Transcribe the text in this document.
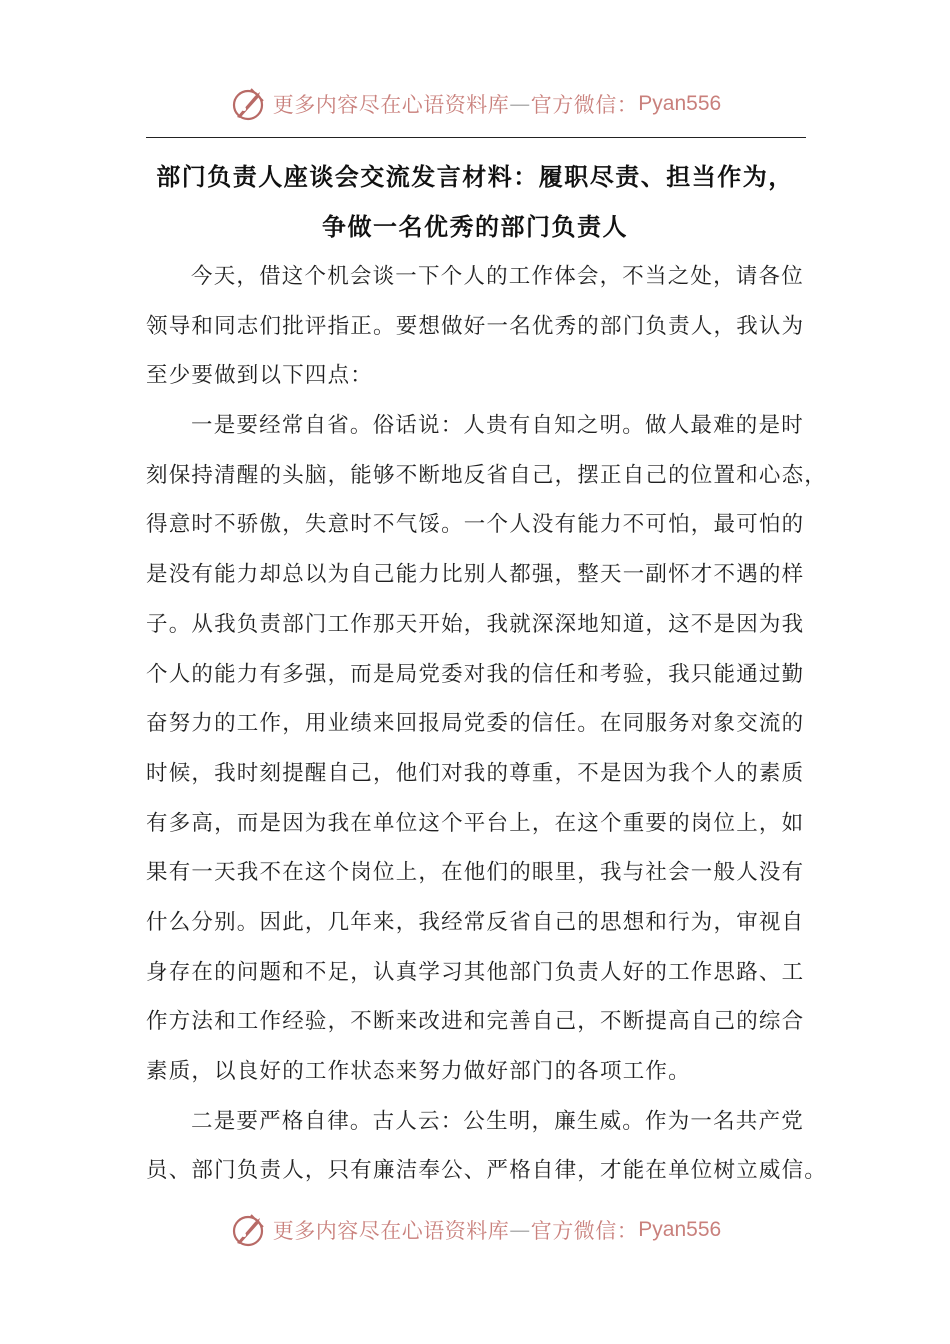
更多内容尽在心语资料库 — 官方微信： Pyan556
部门负责人座谈会交流发言材料：履职尽责、担当作为，
争做一名优秀的部门负责人
今天，借这个机会谈一下个人的工作体会，不当之处，请各位
领导和同志们批评指正。要想做好一名优秀的部门负责人，我认为
至少要做到以下四点：
一是要经常自省。俗话说：人贵有自知之明。做人最难的是时
刻保持清醒的头脑，能够不断地反省自己，摆正自己的位置和心态，
得意时不骄傲，失意时不气馁。一个人没有能力不可怕，最可怕的
是没有能力却总以为自己能力比别人都强，整天一副怀才不遇的样
子。从我负责部门工作那天开始，我就深深地知道，这不是因为我
个人的能力有多强，而是局党委对我的信任和考验，我只能通过勤
奋努力的工作，用业绩来回报局党委的信任。在同服务对象交流的
时候，我时刻提醒自己，他们对我的尊重，不是因为我个人的素质
有多高，而是因为我在单位这个平台上，在这个重要的岗位上，如
果有一天我不在这个岗位上，在他们的眼里，我与社会一般人没有
什么分别。因此，几年来，我经常反省自己的思想和行为，审视自
身存在的问题和不足，认真学习其他部门负责人好的工作思路、工
作方法和工作经验，不断来改进和完善自己，不断提高自己的综合
素质，以良好的工作状态来努力做好部门的各项工作。
二是要严格自律。古人云：公生明，廉生威。作为一名共产党
员、部门负责人，只有廉洁奉公、严格自律，才能在单位树立威信。
更多内容尽在心语资料库 — 官方微信： Pyan556
